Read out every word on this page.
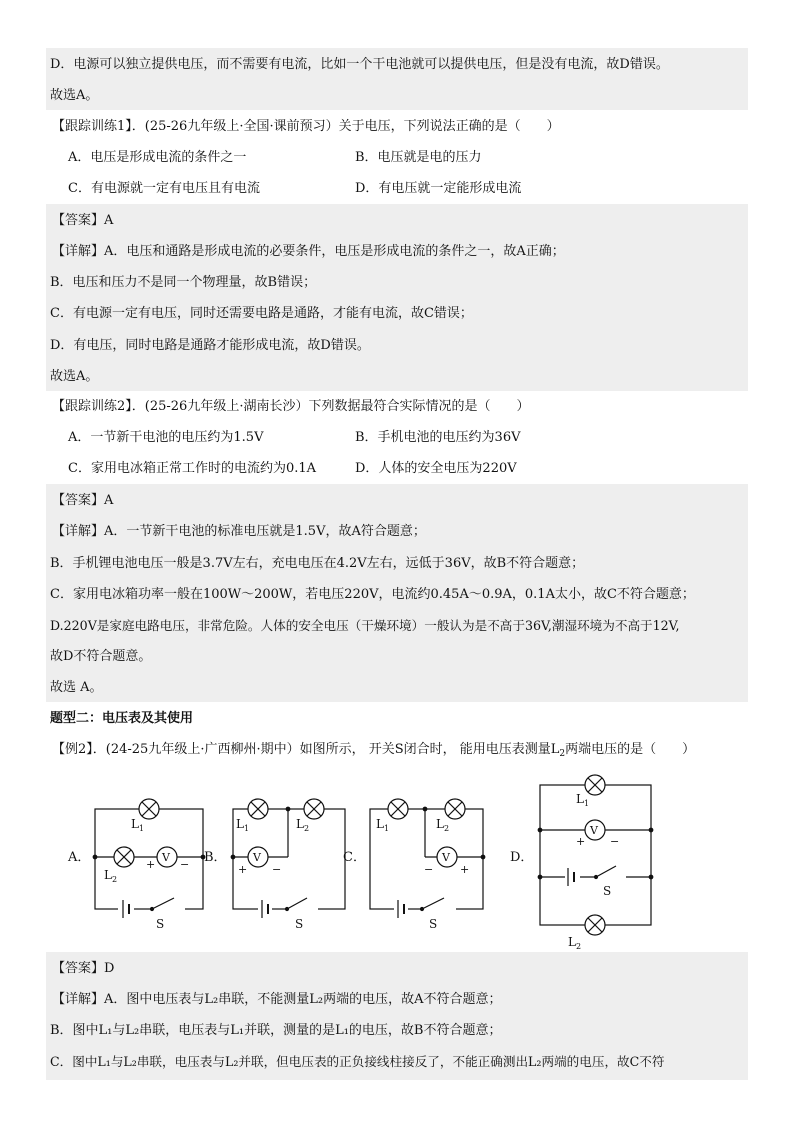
D．电源可以独立提供电压，而不需要有电流，比如一个干电池就可以提供电压，但是没有电流，故D错误。
故选A。
【跟踪训练1】．(25-26九年级上·全国·课前预习）关于电压，下列说法正确的是（　　）
A．电压是形成电流的条件之一	B．电压就是电的压力
C．有电源就一定有电压且有电流	D．有电压就一定能形成电流
【答案】A
【详解】A．电压和通路是形成电流的必要条件，电压是形成电流的条件之一，故A正确；
B．电压和压力不是同一个物理量，故B错误；
C．有电源一定有电压，同时还需要电路是通路，才能有电流，故C错误；
D．有电压，同时电路是通路才能形成电流，故D错误。
故选A。
【跟踪训练2】．(25-26九年级上·湖南长沙）下列数据最符合实际情况的是（　　）
A．一节新干电池的电压约为1.5V	B．手机电池的电压约为36V
C．家用电冰箱正常工作时的电流约为0.1A	D．人体的安全电压为220V
【答案】A
【详解】A．一节新干电池的标准电压就是1.5V，故A符合题意；
B．手机锂电池电压一般是3.7V左右，充电电压在4.2V左右，远低于36V，故B不符合题意；
C．家用电冰箱功率一般在100W～200W，若电压220V，电流约0.45A～0.9A，0.1A太小，故C不符合题意；
D.220V是家庭电路电压，非常危险。人体的安全电压（干燥环境）一般认为是不高于36V,潮湿环境为不高于12V,
故D不符合题意。
故选 A。
题型二：电压表及其使用
【例2】．(24-25九年级上·广西柳州·期中）如图所示， 开关S闭合时， 能用电压表测量$L_2$两端电压的是（　　）
$L_1$
$L_2$
V
+ −
S
$L_1$	$L_2$
V
+ −
S
$L_1$	$L_2$
V
− +
S
$L_1$
V
+ −
S
$L_2$
A．	B．	C．	D．
【答案】D
【详解】A．图中电压表与L₂串联，不能测量L₂两端的电压，故A不符合题意；
B．图中L₁与L₂串联，电压表与L₁并联，测量的是L₁的电压，故B不符合题意；
C．图中L₁与L₂串联，电压表与L₂并联，但电压表的正负接线柱接反了，不能正确测出L₂两端的电压，故C不符
